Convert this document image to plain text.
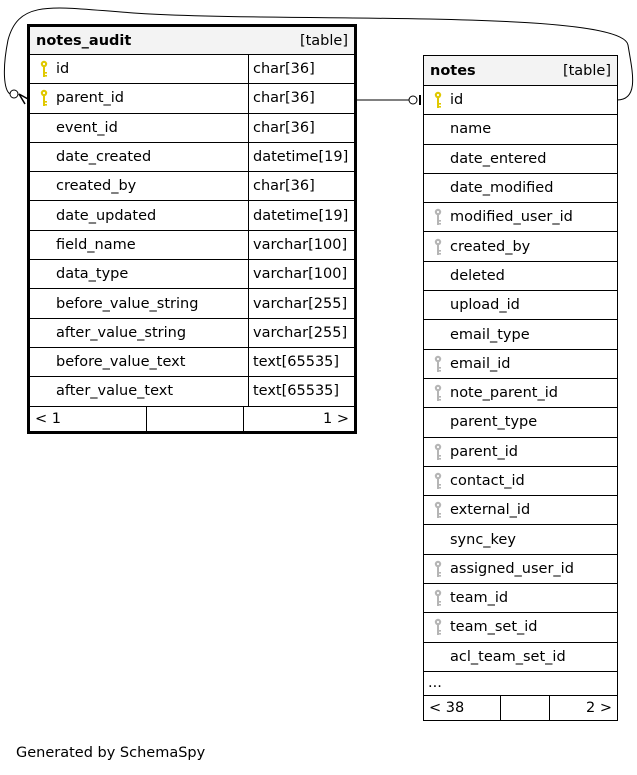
notes_audit	[table]
id	char[36]
parent_id	char[36]
event_id	char[36]
date_created	datetime[19]
created_by	char[36]
date_updated	datetime[19]
field_name	varchar[100]
data_type	varchar[100]
before_value_string	varchar[255]
after_value_string	varchar[255]
before_value_text	text[65535]
after_value_text	text[65535]
< 1	1 >
notes	[table]
id
name
date_entered
date_modified
modified_user_id
created_by
deleted
upload_id
email_type
email_id
note_parent_id
parent_type
parent_id
contact_id
external_id
sync_key
assigned_user_id
team_id
team_set_id
acl_team_set_id
...
< 38	2 >
Generated by SchemaSpy
